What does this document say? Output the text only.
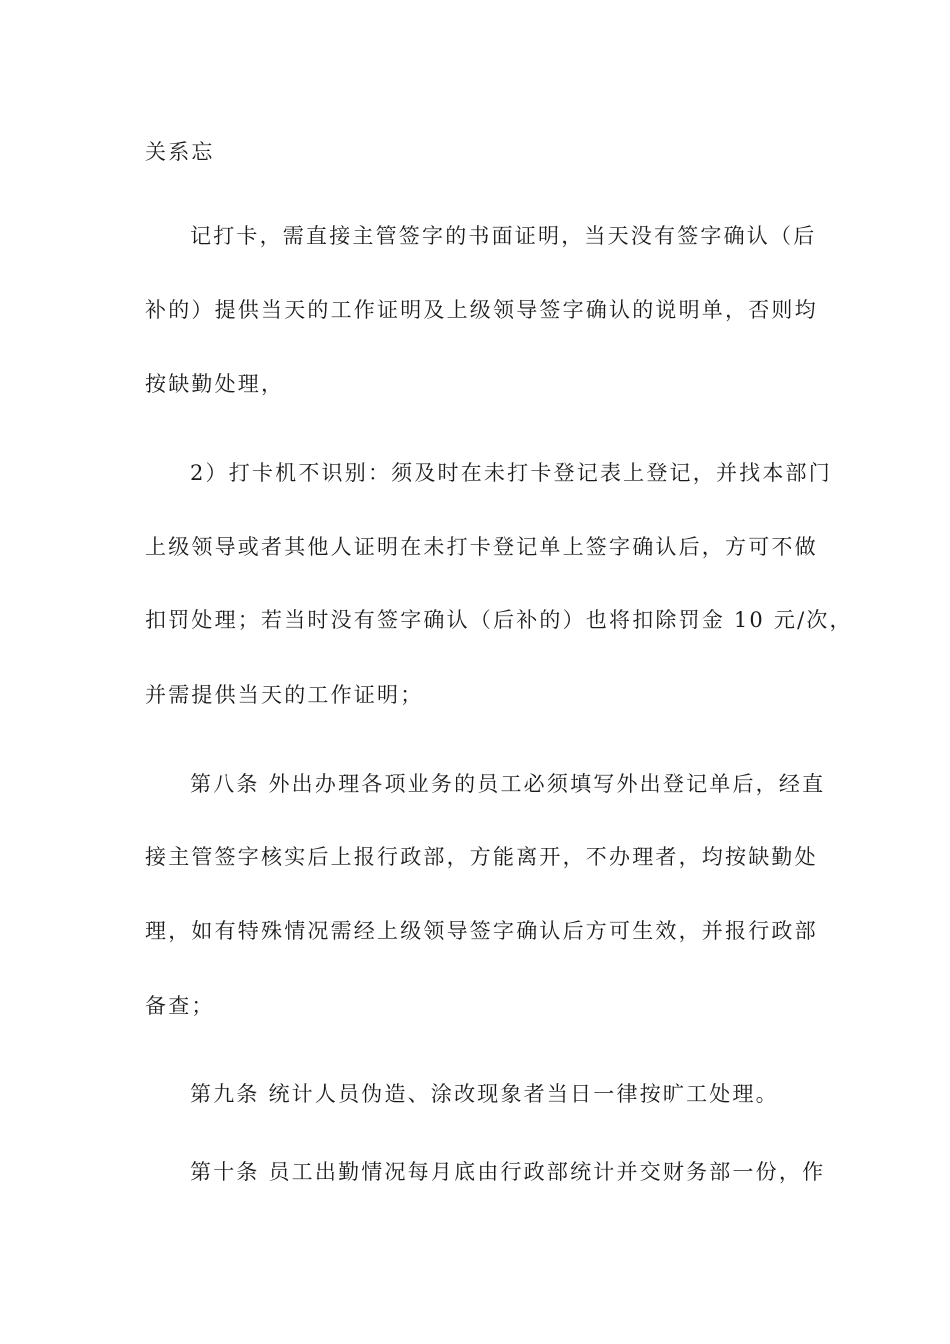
关系忘
记打卡，需直接主管签字的书面证明，当天没有签字确认（后
补的）提供当天的工作证明及上级领导签字确认的说明单，否则均
按缺勤处理，
2）打卡机不识别：须及时在未打卡登记表上登记，并找本部门
上级领导或者其他人证明在未打卡登记单上签字确认后，方可不做
扣罚处理；若当时没有签字确认（后补的）也将扣除罚金 10 元/次，
并需提供当天的工作证明；
第八条 外出办理各项业务的员工必须填写外出登记单后，经直
接主管签字核实后上报行政部，方能离开，不办理者，均按缺勤处
理，如有特殊情况需经上级领导签字确认后方可生效，并报行政部
备查；
第九条 统计人员伪造、涂改现象者当日一律按旷工处理。
第十条 员工出勤情况每月底由行政部统计并交财务部一份，作
